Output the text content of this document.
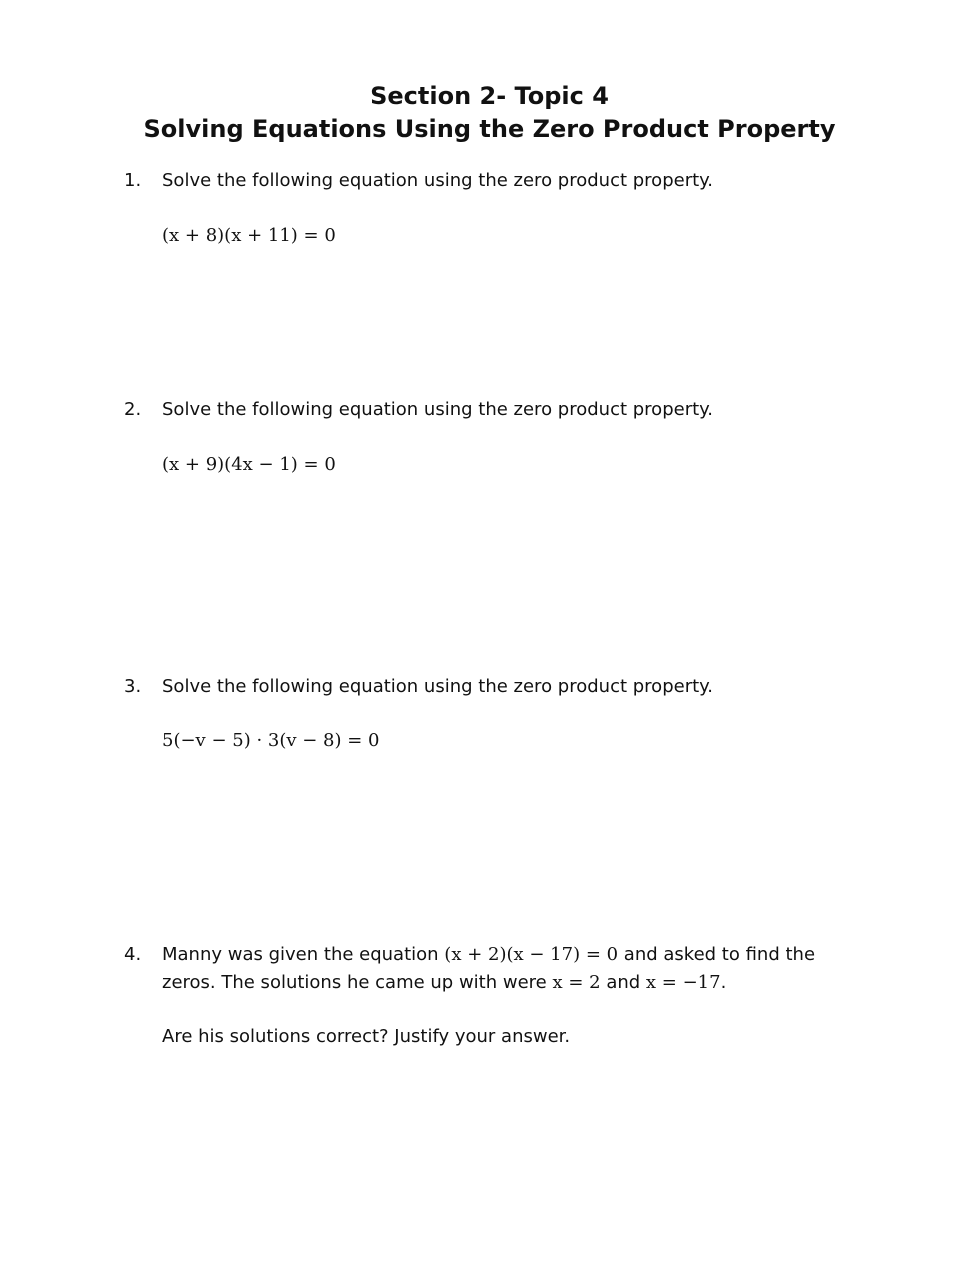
Section 2- Topic 4
Solving Equations Using the Zero Product Property
1. Solve the following equation using the zero product property.
(x + 8)(x + 11) = 0
2. Solve the following equation using the zero product property.
(x + 9)(4x − 1) = 0
3. Solve the following equation using the zero product property.
5(−v − 5) · 3(v − 8) = 0
4. Manny was given the equation (x + 2)(x − 17) = 0 and asked to find the
zeros. The solutions he came up with were x = 2 and x = −17.
Are his solutions correct? Justify your answer.
